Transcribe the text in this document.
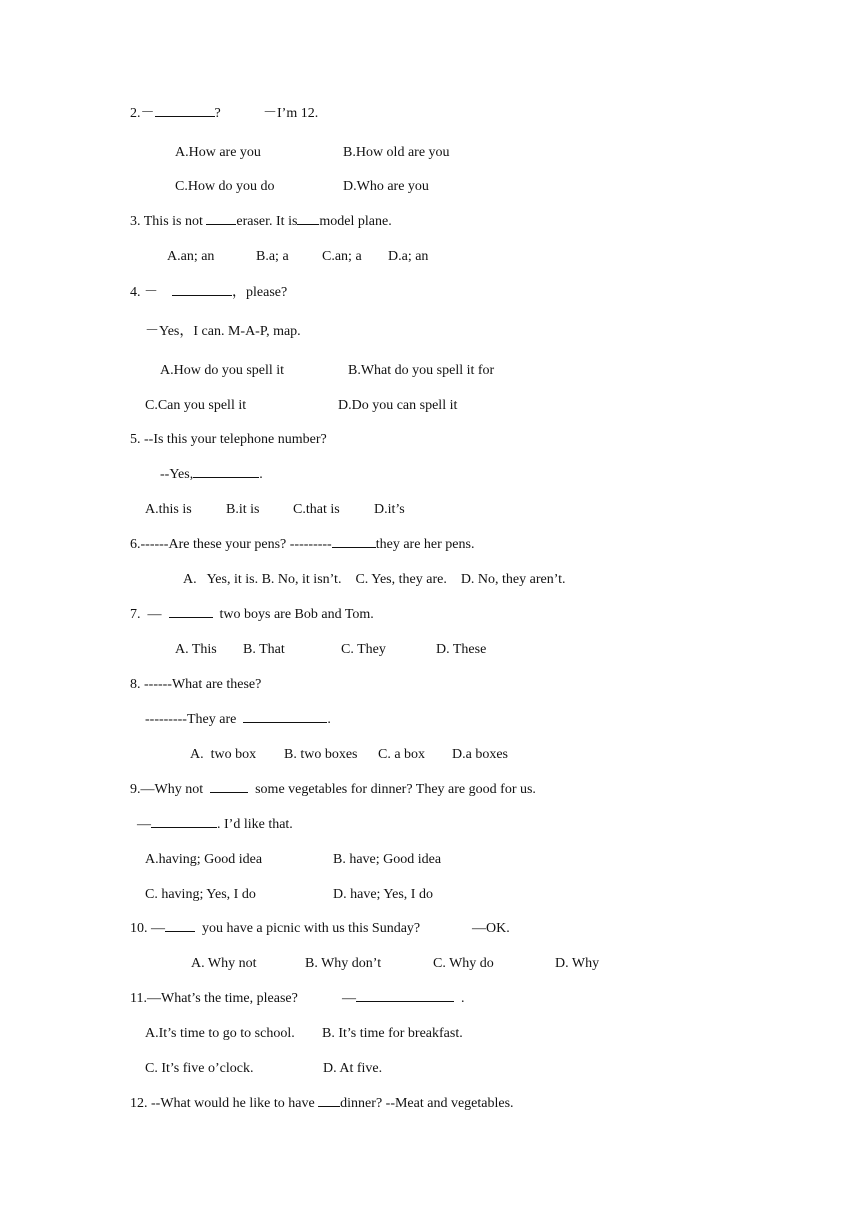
2.－	?	－I’m 12.
A.How are you	B.How old are you
C.How do you do	D.Who are you
3. This is not eraser. It is model plane.
A.an; an	B.a; a C.an; a D.a; an
4. －	，please?
－Yes，I can. M-A-P, map.
A.How do you spell it	B.What do you spell it for
C.Can you spell it	D.Do you can spell it
5. --Is this your telephone number?
--Yes,	.
A.this is B.it is C.that is D.it’s
6.------Are these your pens? ---------	they are her pens.
A.   Yes, it is. B. No, it isn’t.    C. Yes, they are.    D. No, they aren’t.
7.  —	two boys are Bob and Tom.
A. This B. That	C. They	D. These
8. ------What are these?
---------They are	.
A.  two box B. two boxes C. a box D.a boxes
9.—Why not	some vegetables for dinner? They are good for us.
—	. I’d like that.
A.having; Good idea	B. have; Good idea
C. having; Yes, I do	D. have; Yes, I do
10. —	you have a picnic with us this Sunday?	—OK.
A. Why not	B. Why don’t	C. Why do	D. Why
11.—What’s the time, please?	—	.
A.It’s time to go to school. B. It’s time for breakfast.
C. It’s five o’clock.	D. At five.
12. --What would he like to have dinner? --Meat and vegetables.
